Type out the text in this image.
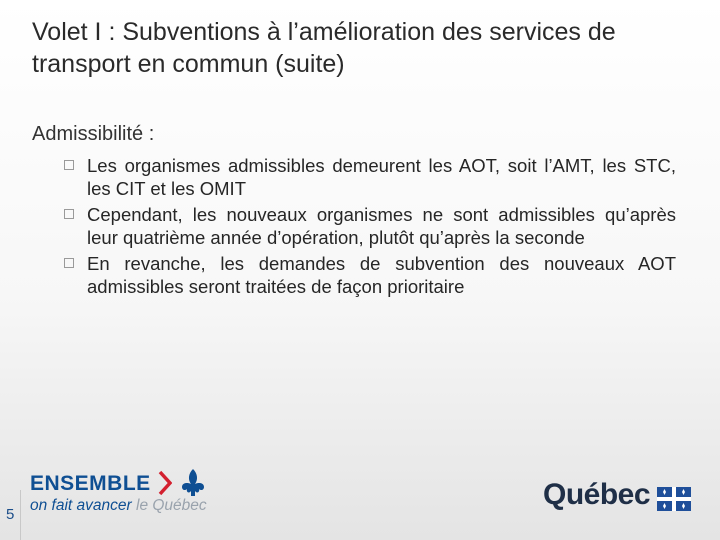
Volet I : Subventions à l’amélioration des services de transport en commun (suite)
Admissibilité :
Les organismes admissibles demeurent les AOT, soit l’AMT, les STC, les CIT et les OMIT
Cependant, les nouveaux organismes ne sont admissibles qu’après leur quatrième année d’opération, plutôt qu’après la seconde
En revanche, les demandes de subvention des nouveaux AOT admissibles seront traitées de façon prioritaire
ENSEMBLE
on fait avancer le Québec	Québec
5
